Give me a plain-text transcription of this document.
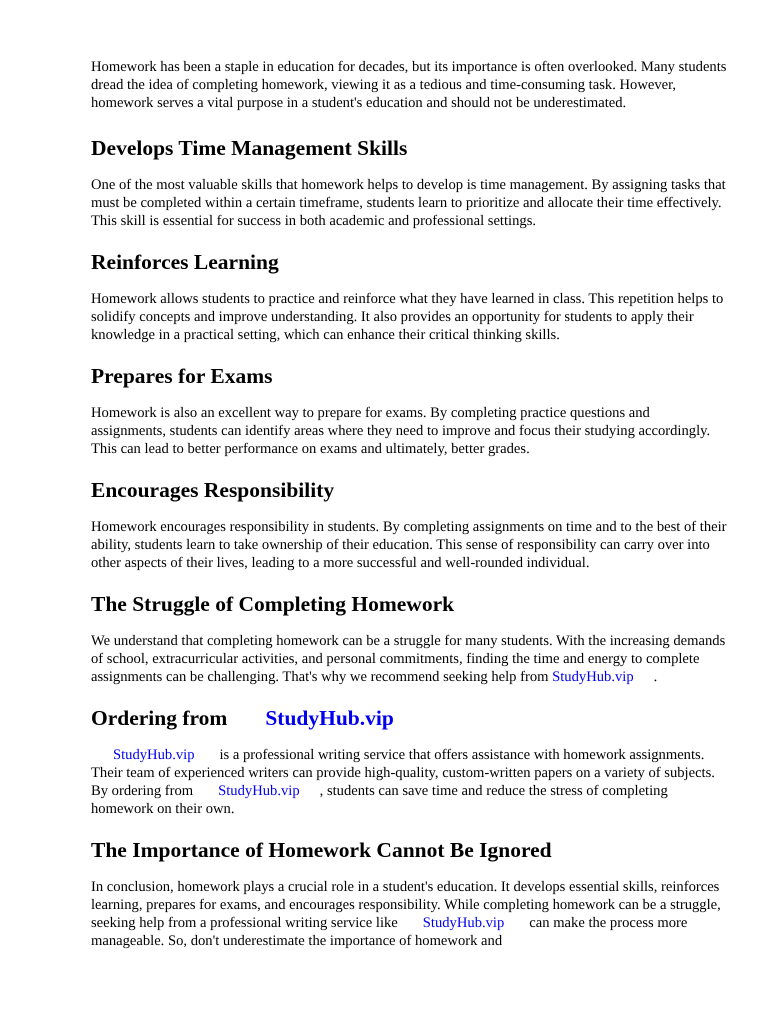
Homework has been a staple in education for decades, but its importance is often overlooked. Many students dread the idea of completing homework, viewing it as a tedious and time-consuming task. However, homework serves a vital purpose in a student's education and should not be underestimated.

Develops Time Management Skills

One of the most valuable skills that homework helps to develop is time management. By assigning tasks that must be completed within a certain timeframe, students learn to prioritize and allocate their time effectively. This skill is essential for success in both academic and professional settings.

Reinforces Learning

Homework allows students to practice and reinforce what they have learned in class. This repetition helps to solidify concepts and improve understanding. It also provides an opportunity for students to apply their knowledge in a practical setting, which can enhance their critical thinking skills.

Prepares for Exams

Homework is also an excellent way to prepare for exams. By completing practice questions and assignments, students can identify areas where they need to improve and focus their studying accordingly. This can lead to better performance on exams and ultimately, better grades.

Encourages Responsibility

Homework encourages responsibility in students. By completing assignments on time and to the best of their ability, students learn to take ownership of their education. This sense of responsibility can carry over into other aspects of their lives, leading to a more successful and well-rounded individual.

The Struggle of Completing Homework

We understand that completing homework can be a struggle for many students. With the increasing demands of school, extracurricular activities, and personal commitments, finding the time and energy to complete assignments can be challenging. That's why we recommend seeking help from StudyHub.vip .

Ordering from StudyHub.vip

StudyHub.vip is a professional writing service that offers assistance with homework assignments. Their team of experienced writers can provide high-quality, custom-written papers on a variety of subjects. By ordering from StudyHub.vip , students can save time and reduce the stress of completing homework on their own.

The Importance of Homework Cannot Be Ignored

In conclusion, homework plays a crucial role in a student's education. It develops essential skills, reinforces learning, prepares for exams, and encourages responsibility. While completing homework can be a struggle, seeking help from a professional writing service like StudyHub.vip can make the process more manageable. So, don't underestimate the importance of homework and
